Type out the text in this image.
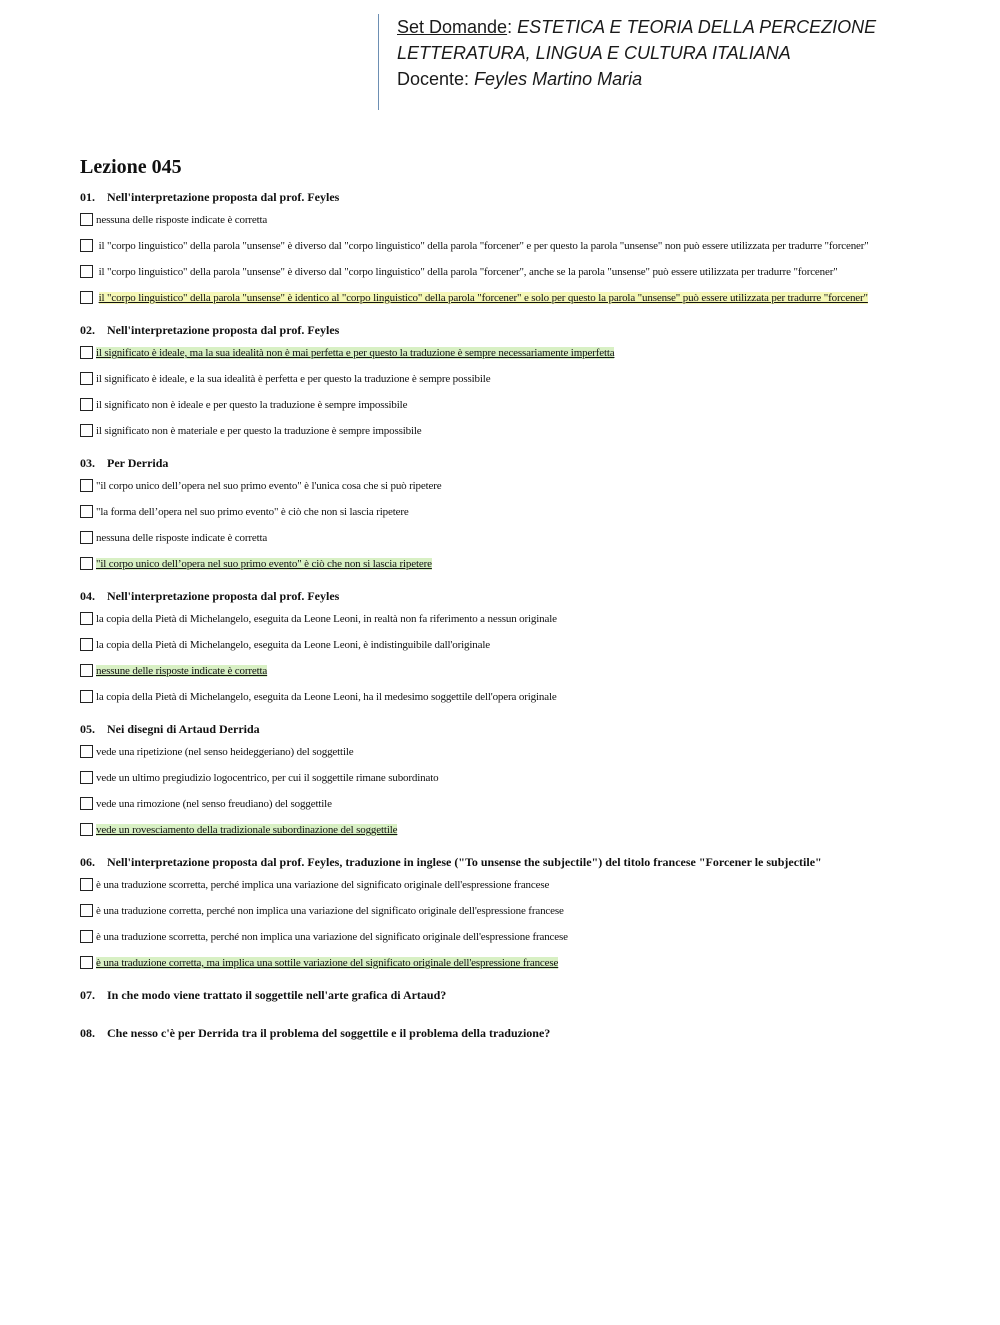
Set Domande: ESTETICA E TEORIA DELLA PERCEZIONE
LETTERATURA, LINGUA E CULTURA ITALIANA
Docente: Feyles Martino Maria
Lezione 045
01. Nell'interpretazione proposta dal prof. Feyles
nessuna delle risposte indicate è corretta
il "corpo linguistico" della parola "unsense" è diverso dal "corpo linguistico" della parola "forcener" e per questo la parola "unsense" non può essere utilizzata per tradurre "forcener"
il "corpo linguistico" della parola "unsense" è diverso dal "corpo linguistico" della parola "forcener", anche se la parola "unsense" può essere utilizzata per tradurre "forcener"
il "corpo linguistico" della parola "unsense" è identico al "corpo linguistico" della parola "forcener" e solo per questo la parola "unsense" può essere utilizzata per tradurre "forcener"
02. Nell'interpretazione proposta dal prof. Feyles
il significato è ideale, ma la sua idealità non è mai perfetta e per questo la traduzione è sempre necessariamente imperfetta
il significato è ideale, e la sua idealità è perfetta e per questo la traduzione è sempre possibile
il significato non è ideale e per questo la traduzione è sempre impossibile
il significato non è materiale e per questo la traduzione è sempre impossibile
03. Per Derrida
"il corpo unico dell’opera nel suo primo evento" è l'unica cosa che si può ripetere
"la forma dell’opera nel suo primo evento" è ciò che non si lascia ripetere
nessuna delle risposte indicate è corretta
"il corpo unico dell’opera nel suo primo evento" è ciò che non si lascia ripetere
04. Nell'interpretazione proposta dal prof. Feyles
la copia della Pietà di Michelangelo, eseguita da Leone Leoni, in realtà non fa riferimento a nessun originale
la copia della Pietà di Michelangelo, eseguita da Leone Leoni, è indistinguibile dall'originale
nessune delle risposte indicate è corretta
la copia della Pietà di Michelangelo, eseguita da Leone Leoni, ha il medesimo soggettile dell'opera originale
05. Nei disegni di Artaud Derrida
vede una ripetizione (nel senso heideggeriano) del soggettile
vede un ultimo pregiudizio logocentrico, per cui il soggettile rimane subordinato
vede una rimozione (nel senso freudiano) del soggettile
vede un rovesciamento della tradizionale subordinazione del soggettile
06. Nell'interpretazione proposta dal prof. Feyles, traduzione in inglese ("To unsense the subjectile") del titolo francese "Forcener le subjectile"
è una traduzione scorretta, perché implica una variazione del significato originale dell'espressione francese
è una traduzione corretta, perché non implica una variazione del significato originale dell'espressione francese
è una traduzione scorretta, perché non implica una variazione del significato originale dell'espressione francese
è una traduzione corretta, ma implica una sottile variazione del significato originale dell'espressione francese
07. In che modo viene trattato il soggettile nell'arte grafica di Artaud?
08. Che nesso c'è per Derrida tra il problema del soggettile e il problema della traduzione?
